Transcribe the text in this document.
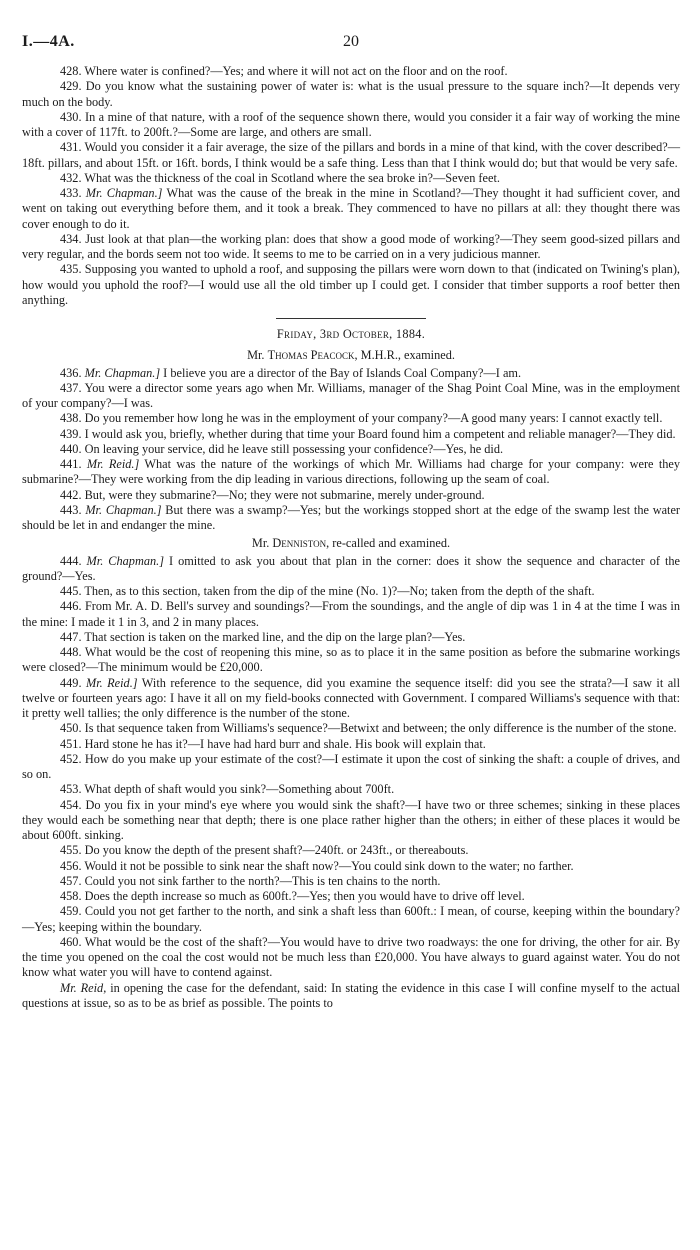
I.—4A.	20

428. Where water is confined?—Yes; and where it will not act on the floor and on the roof.

429. Do you know what the sustaining power of water is: what is the usual pressure to the square inch?—It depends very much on the body.

430. In a mine of that nature, with a roof of the sequence shown there, would you consider it a fair way of working the mine with a cover of 117ft. to 200ft.?—Some are large, and others are small.

431. Would you consider it a fair average, the size of the pillars and bords in a mine of that kind, with the cover described?—18ft. pillars, and about 15ft. or 16ft. bords, I think would be a safe thing. Less than that I think would do; but that would be very safe.

432. What was the thickness of the coal in Scotland where the sea broke in?—Seven feet.

433. Mr. Chapman.] What was the cause of the break in the mine in Scotland?—They thought it had sufficient cover, and went on taking out everything before them, and it took a break. They commenced to have no pillars at all: they thought there was cover enough to do it.

434. Just look at that plan—the working plan: does that show a good mode of working?—They seem good-sized pillars and very regular, and the bords seem not too wide. It seems to me to be carried on in a very judicious manner.

435. Supposing you wanted to uphold a roof, and supposing the pillars were worn down to that (indicated on Twining's plan), how would you uphold the roof?—I would use all the old timber up I could get. I consider that timber supports a roof better then anything.

Friday, 3rd October, 1884.

Mr. Thomas Peacock, M.H.R., examined.

436. Mr. Chapman.] I believe you are a director of the Bay of Islands Coal Company?—I am.

437. You were a director some years ago when Mr. Williams, manager of the Shag Point Coal Mine, was in the employment of your company?—I was.

438. Do you remember how long he was in the employment of your company?—A good many years: I cannot exactly tell.

439. I would ask you, briefly, whether during that time your Board found him a competent and reliable manager?—They did.

440. On leaving your service, did he leave still possessing your confidence?—Yes, he did.

441. Mr. Reid.] What was the nature of the workings of which Mr. Williams had charge for your company: were they submarine?—They were working from the dip leading in various directions, following up the seam of coal.

442. But, were they submarine?—No; they were not submarine, merely under-ground.

443. Mr. Chapman.] But there was a swamp?—Yes; but the workings stopped short at the edge of the swamp lest the water should be let in and endanger the mine.

Mr. Denniston, re-called and examined.

444. Mr. Chapman.] I omitted to ask you about that plan in the corner: does it show the sequence and character of the ground?—Yes.

445. Then, as to this section, taken from the dip of the mine (No. 1)?—No; taken from the depth of the shaft.

446. From Mr. A. D. Bell's survey and soundings?—From the soundings, and the angle of dip was 1 in 4 at the time I was in the mine: I made it 1 in 3, and 2 in many places.

447. That section is taken on the marked line, and the dip on the large plan?—Yes.

448. What would be the cost of reopening this mine, so as to place it in the same position as before the submarine workings were closed?—The minimum would be £20,000.

449. Mr. Reid.] With reference to the sequence, did you examine the sequence itself: did you see the strata?—I saw it all twelve or fourteen years ago: I have it all on my field-books connected with Government. I compared Williams's sequence with that: it pretty well tallies; the only difference is the number of the stone.

450. Is that sequence taken from Williams's sequence?—Betwixt and between; the only difference is the number of the stone.

451. Hard stone he has it?—I have had hard burr and shale. His book will explain that.

452. How do you make up your estimate of the cost?—I estimate it upon the cost of sinking the shaft: a couple of drives, and so on.

453. What depth of shaft would you sink?—Something about 700ft.

454. Do you fix in your mind's eye where you would sink the shaft?—I have two or three schemes; sinking in these places they would each be something near that depth; there is one place rather higher than the others; in either of these places it would be about 600ft. sinking.

455. Do you know the depth of the present shaft?—240ft. or 243ft., or thereabouts.

456. Would it not be possible to sink near the shaft now?—You could sink down to the water; no farther.

457. Could you not sink farther to the north?—This is ten chains to the north.

458. Does the depth increase so much as 600ft.?—Yes; then you would have to drive off level.

459. Could you not get farther to the north, and sink a shaft less than 600ft.: I mean, of course, keeping within the boundary?—Yes; keeping within the boundary.

460. What would be the cost of the shaft?—You would have to drive two roadways: the one for driving, the other for air. By the time you opened on the coal the cost would not be much less than £20,000. You have always to guard against water. You do not know what water you will have to contend against.

Mr. Reid, in opening the case for the defendant, said: In stating the evidence in this case I will confine myself to the actual questions at issue, so as to be as brief as possible. The points to
